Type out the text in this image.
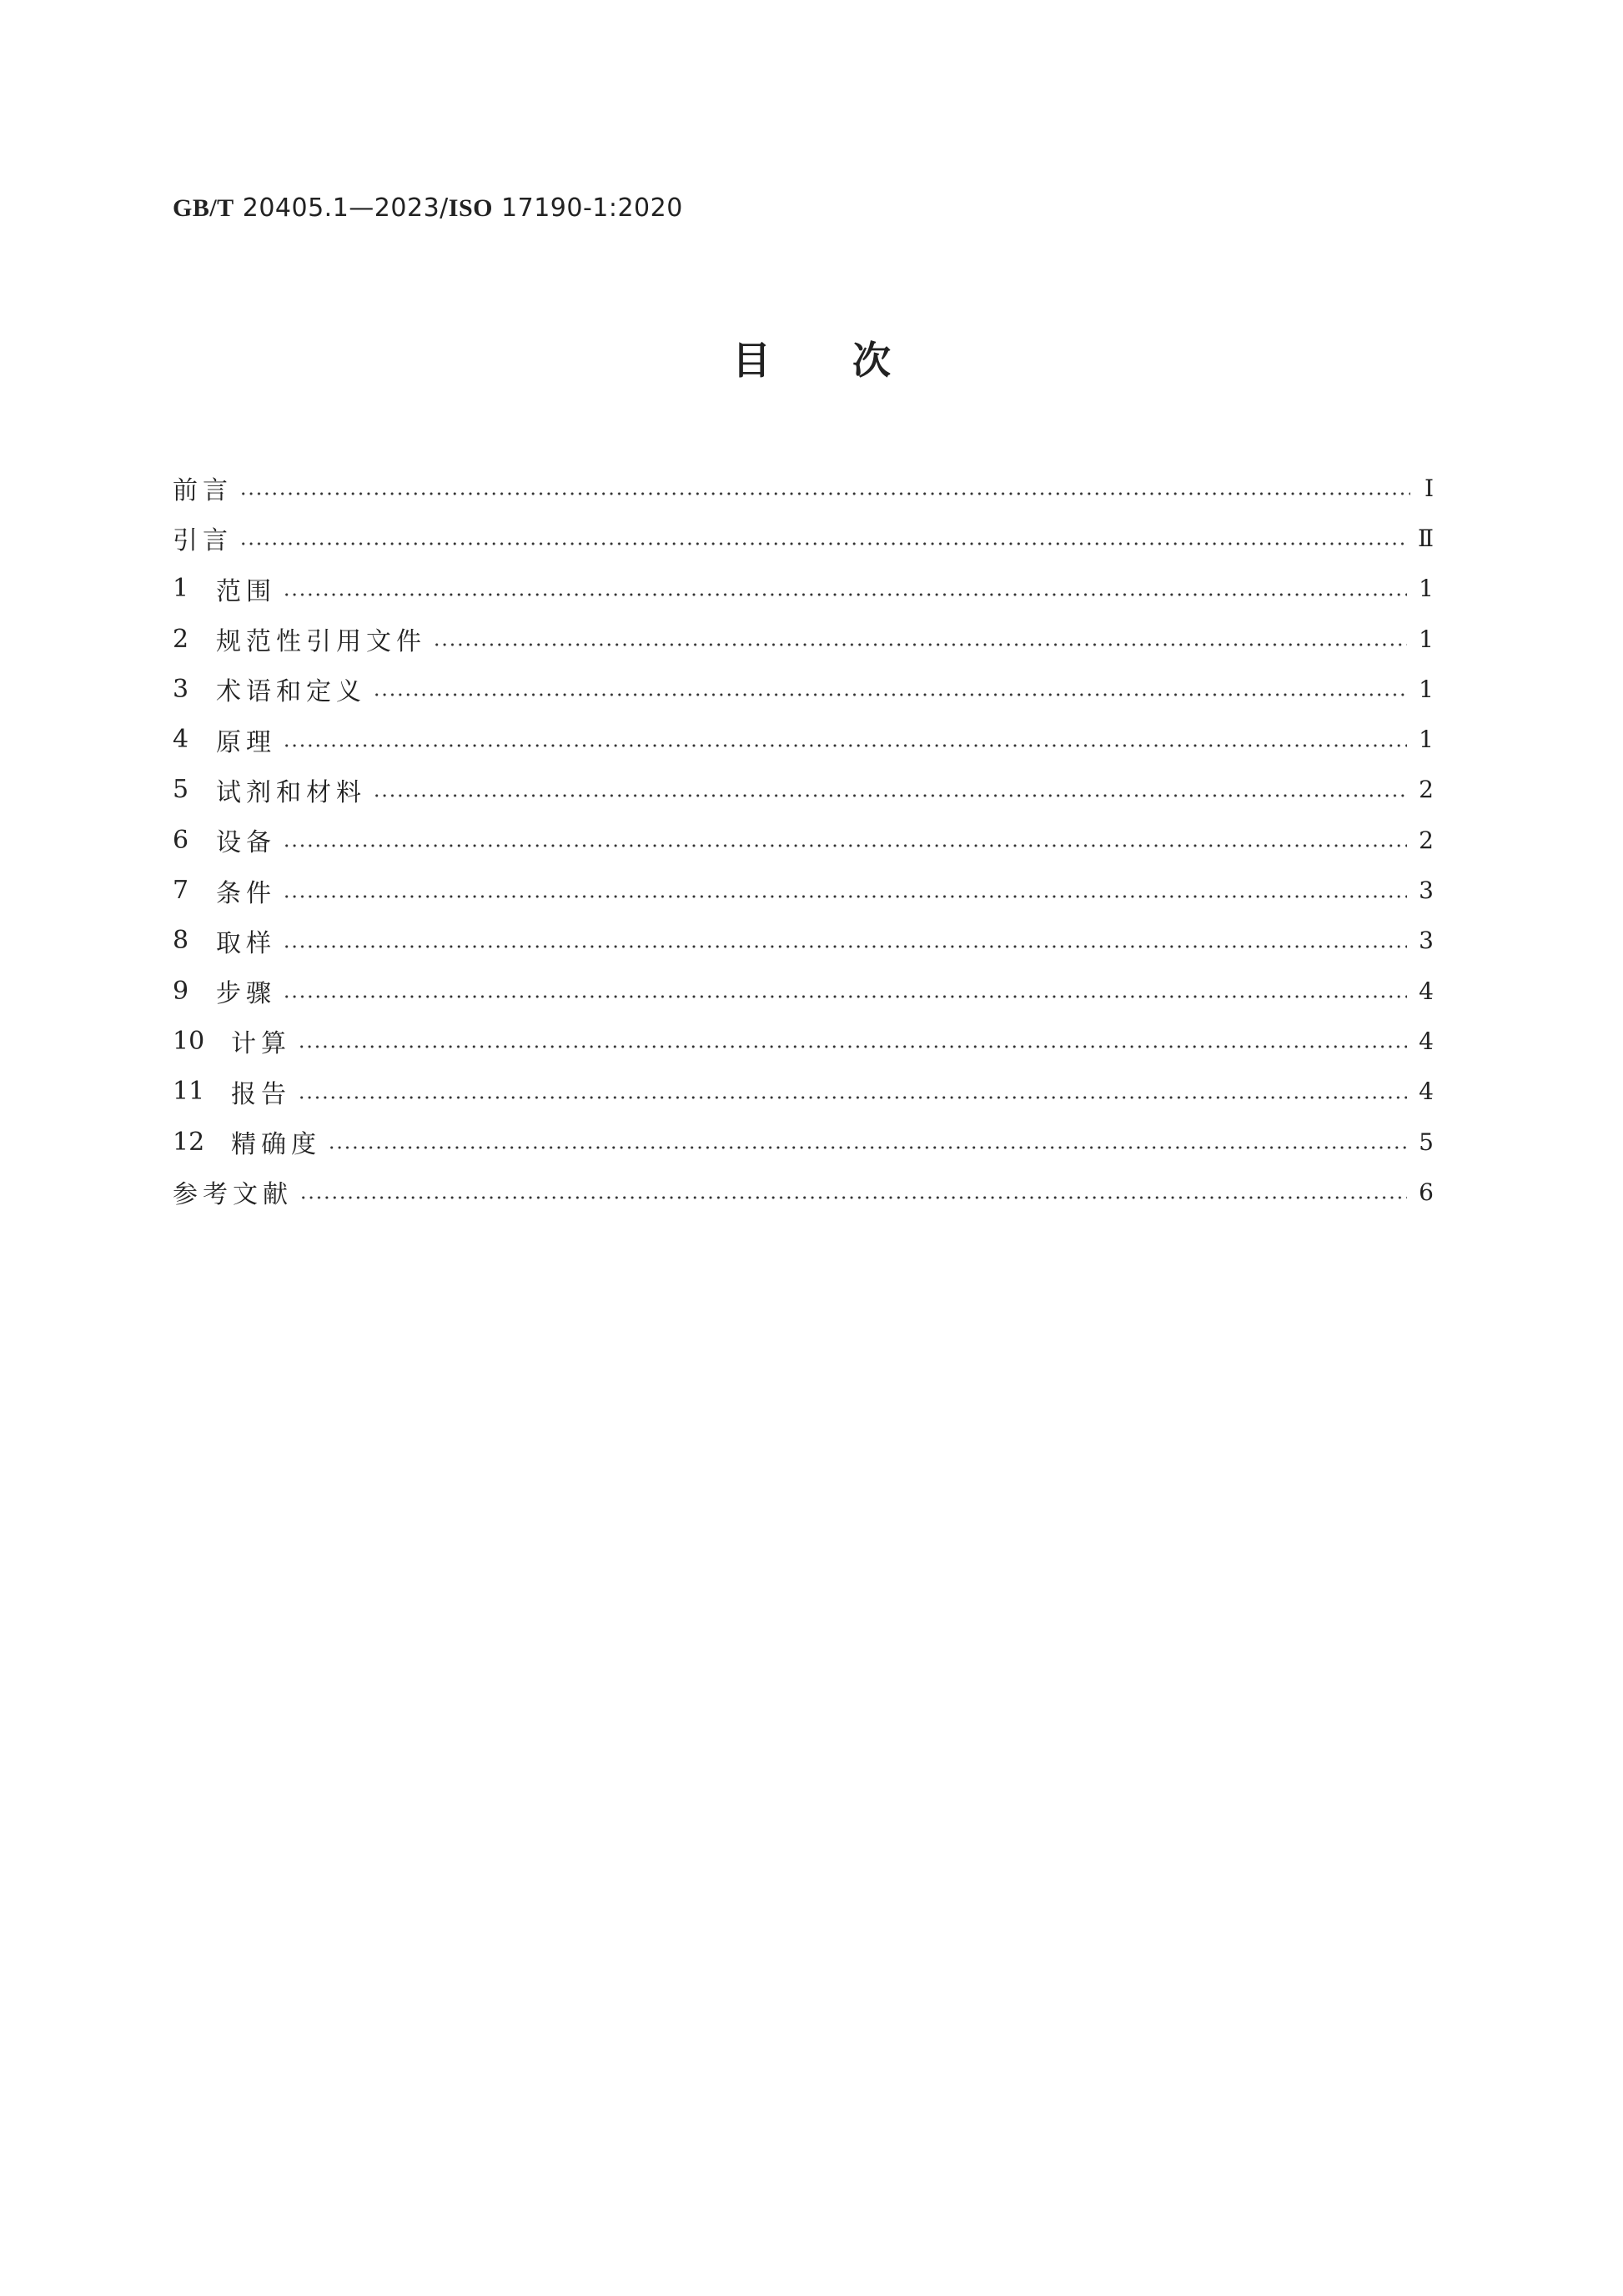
GB/T 20405.1—2023/ISO 17190-1:2020
目次
前言	Ⅰ
引言	Ⅱ
1	范围	1
2	规范性引用文件	1
3	术语和定义	1
4	原理	1
5	试剂和材料	2
6	设备	2
7	条件	3
8	取样	3
9	步骤	4
10	计算	4
11	报告	4
12	精确度	5
参考文献	6
